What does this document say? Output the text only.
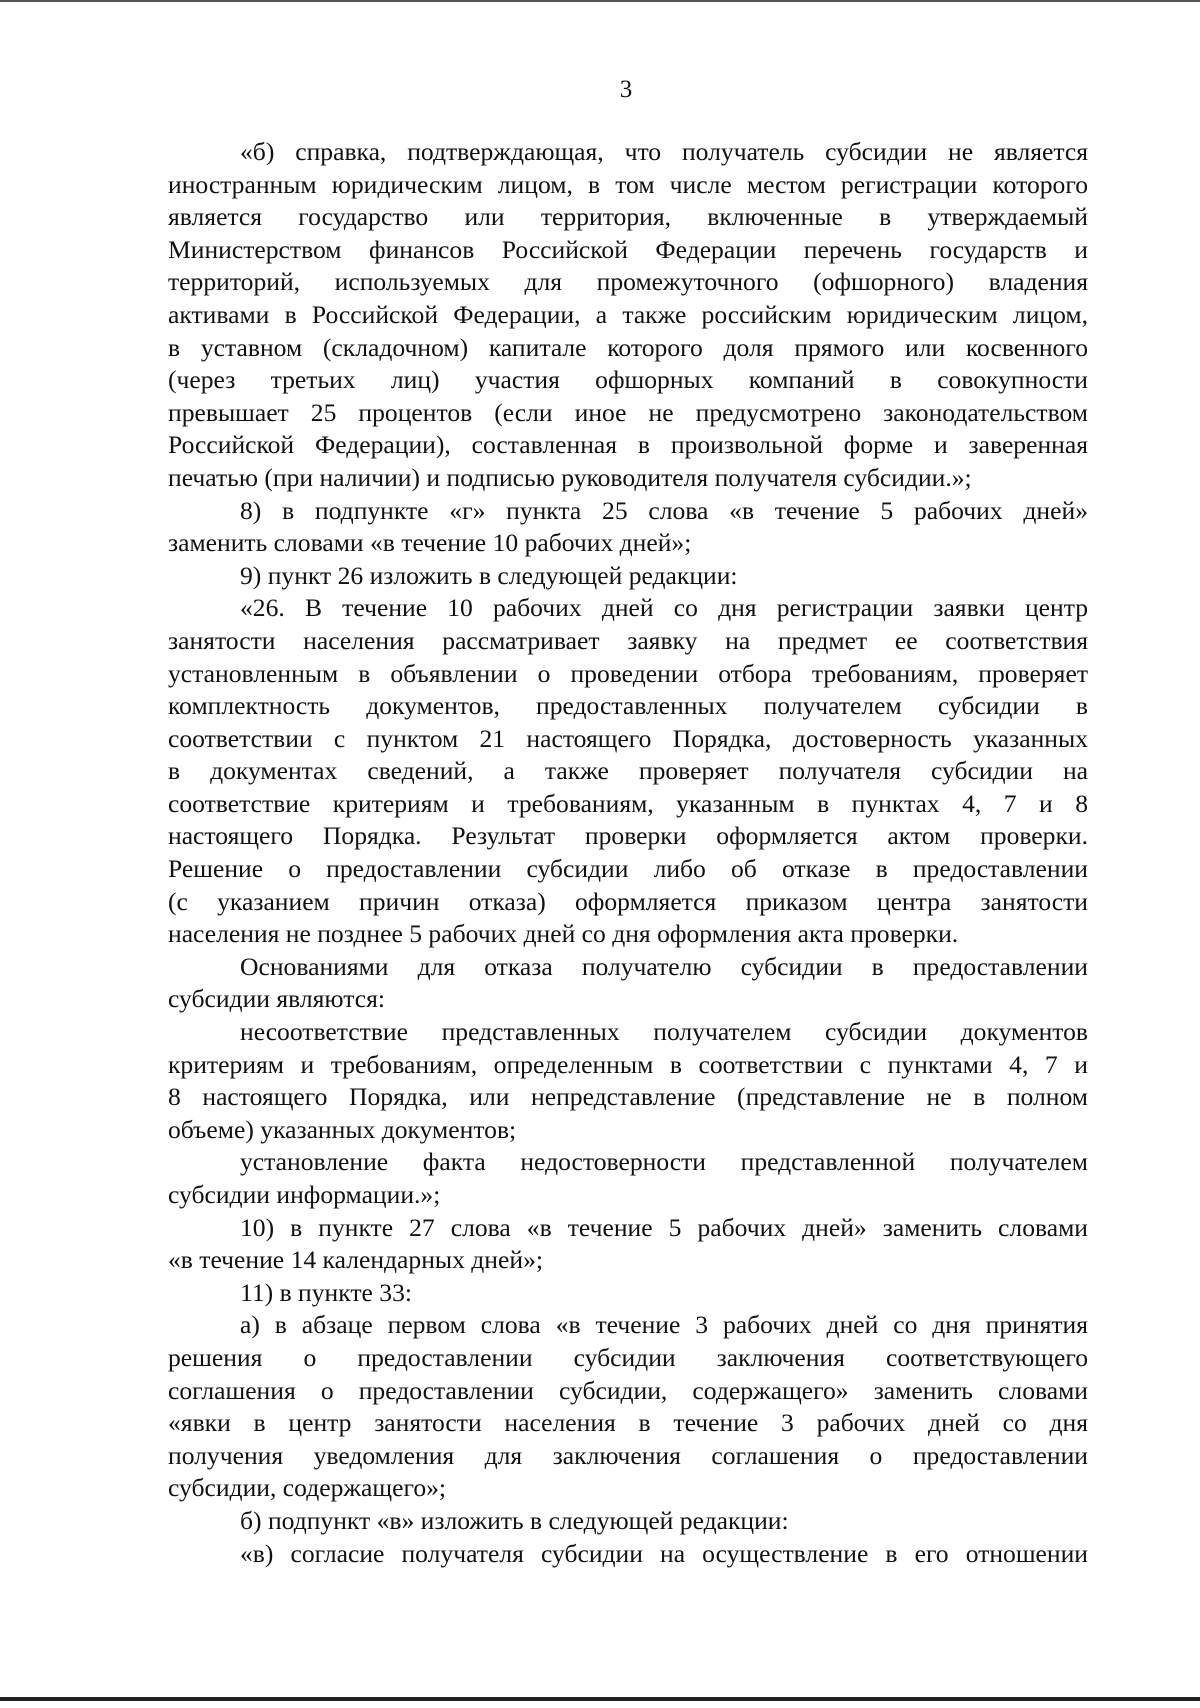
3
«б) справка, подтверждающая, что получатель субсидии не является
иностранным юридическим лицом, в том числе местом регистрации которого
является государство или территория, включенные в утверждаемый
Министерством финансов Российской Федерации перечень государств и
территорий, используемых для промежуточного (офшорного) владения
активами в Российской Федерации, а также российским юридическим лицом,
в уставном (складочном) капитале которого доля прямого или косвенного
(через третьих лиц) участия офшорных компаний в совокупности
превышает 25 процентов (если иное не предусмотрено законодательством
Российской Федерации), составленная в произвольной форме и заверенная
печатью (при наличии) и подписью руководителя получателя субсидии.»;
8) в подпункте «г» пункта 25 слова «в течение 5 рабочих дней»
заменить словами «в течение 10 рабочих дней»;
9) пункт 26 изложить в следующей редакции:
«26. В течение 10 рабочих дней со дня регистрации заявки центр
занятости населения рассматривает заявку на предмет ее соответствия
установленным в объявлении о проведении отбора требованиям, проверяет
комплектность документов, предоставленных получателем субсидии в
соответствии с пунктом 21 настоящего Порядка, достоверность указанных
в документах сведений, а также проверяет получателя субсидии на
соответствие критериям и требованиям, указанным в пунктах 4, 7 и 8
настоящего Порядка. Результат проверки оформляется актом проверки.
Решение о предоставлении субсидии либо об отказе в предоставлении
(с указанием причин отказа) оформляется приказом центра занятости
населения не позднее 5 рабочих дней со дня оформления акта проверки.
Основаниями для отказа получателю субсидии в предоставлении
субсидии являются:
несоответствие представленных получателем субсидии документов
критериям и требованиям, определенным в соответствии с пунктами 4, 7 и
8 настоящего Порядка, или непредставление (представление не в полном
объеме) указанных документов;
установление факта недостоверности представленной получателем
субсидии информации.»;
10) в пункте 27 слова «в течение 5 рабочих дней» заменить словами
«в течение 14 календарных дней»;
11) в пункте 33:
а) в абзаце первом слова «в течение 3 рабочих дней со дня принятия
решения о предоставлении субсидии заключения соответствующего
соглашения о предоставлении субсидии, содержащего» заменить словами
«явки в центр занятости населения в течение 3 рабочих дней со дня
получения уведомления для заключения соглашения о предоставлении
субсидии, содержащего»;
б) подпункт «в» изложить в следующей редакции:
«в) согласие получателя субсидии на осуществление в его отношении
